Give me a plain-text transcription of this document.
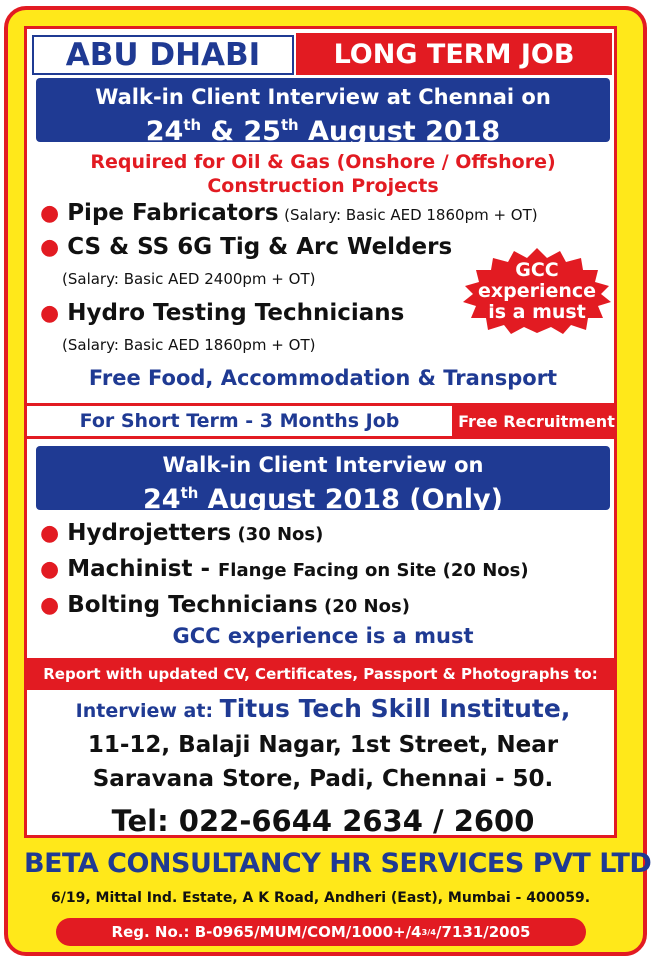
ABU DHABI	LONG TERM JOB
Walk-in Client Interview at Chennai on
24th & 25th August 2018
Required for Oil & Gas (Onshore / Offshore)
Construction Projects
● Pipe Fabricators (Salary: Basic AED 1860pm + OT)
● CS & SS 6G Tig & Arc Welders
(Salary: Basic AED 2400pm + OT)
● Hydro Testing Technicians
(Salary: Basic AED 1860pm + OT)
GCC
experience
is a must
Free Food, Accommodation & Transport
For Short Term - 3 Months Job	Free Recruitment
Walk-in Client Interview on
24th August 2018 (Only)
● Hydrojetters (30 Nos)
● Machinist - Flange Facing on Site (20 Nos)
● Bolting Technicians (20 Nos)
GCC experience is a must
Report with updated CV, Certificates, Passport & Photographs to:
Interview at: Titus Tech Skill Institute,
11-12, Balaji Nagar, 1st Street, Near
Saravana Store, Padi, Chennai - 50.
Tel: 022-6644 2634 / 2600
BETA CONSULTANCY HR SERVICES PVT LTD
6/19, Mittal Ind. Estate, A K Road, Andheri (East), Mumbai - 400059.
Reg. No.: B-0965/MUM/COM/1000+/4 3/4 /7131/2005
